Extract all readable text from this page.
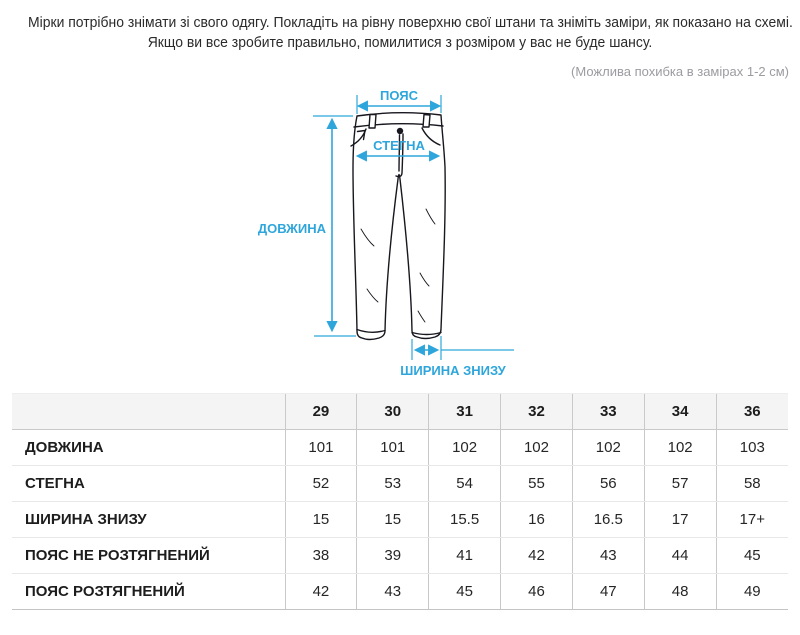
Мірки потрібно знімати зі свого одягу. Покладіть на рівну поверхню свої штани та зніміть заміри, як показано на схемі.
Якщо ви все зробите правильно, помилитися з розміром у вас не буде шансу.
(Можлива похибка в замірах 1-2 см)
ПОЯС
СТЕГНА
ДОВЖИНА
ШИРИНА ЗНИЗУ
	29	30	31	32	33	34	36
ДОВЖИНА	101	101	102	102	102	102	103
СТЕГНА	52	53	54	55	56	57	58
ШИРИНА ЗНИЗУ	15	15	15.5	16	16.5	17	17+
ПОЯС НЕ РОЗТЯГНЕНИЙ	38	39	41	42	43	44	45
ПОЯС РОЗТЯГНЕНИЙ	42	43	45	46	47	48	49
